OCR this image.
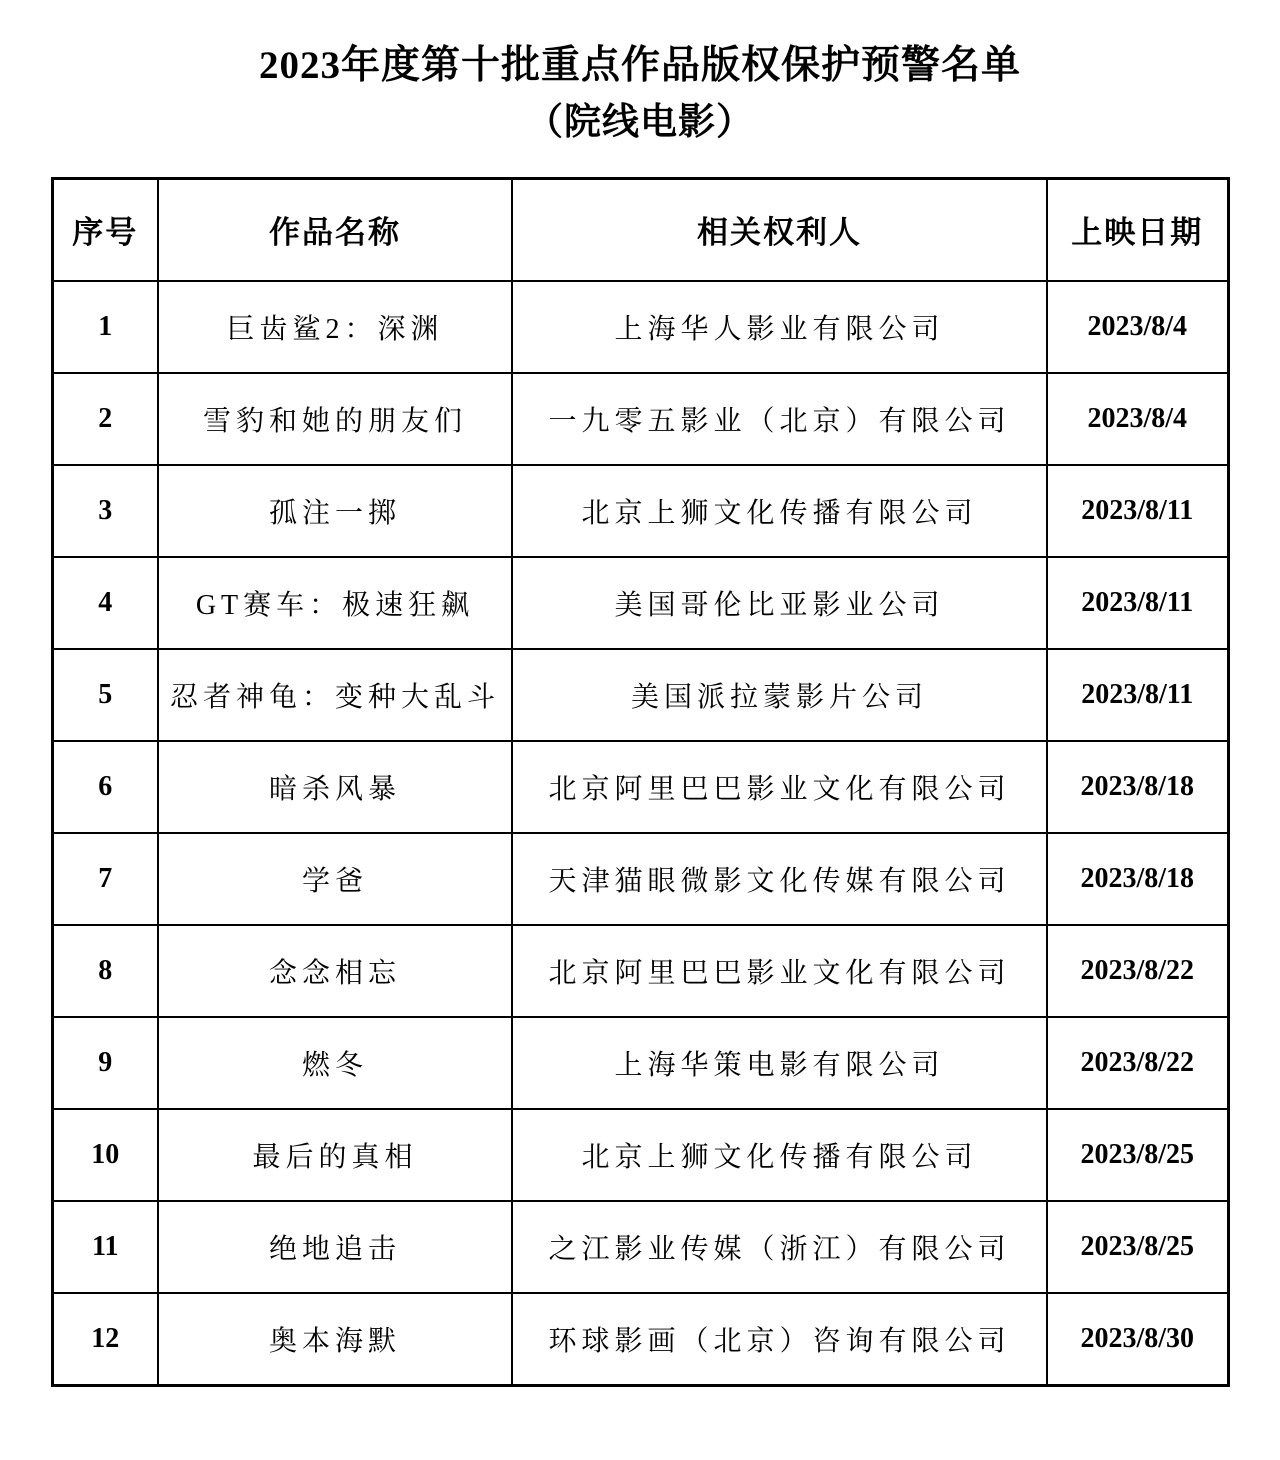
2023年度第十批重点作品版权保护预警名单
（院线电影）
序号	作品名称	相关权利人	上映日期
1	巨齿鲨2：深渊	上海华人影业有限公司	2023/8/4
2	雪豹和她的朋友们	一九零五影业（北京）有限公司	2023/8/4
3	孤注一掷	北京上狮文化传播有限公司	2023/8/11
4	GT赛车：极速狂飙	美国哥伦比亚影业公司	2023/8/11
5	忍者神龟：变种大乱斗	美国派拉蒙影片公司	2023/8/11
6	暗杀风暴	北京阿里巴巴影业文化有限公司	2023/8/18
7	学爸	天津猫眼微影文化传媒有限公司	2023/8/18
8	念念相忘	北京阿里巴巴影业文化有限公司	2023/8/22
9	燃冬	上海华策电影有限公司	2023/8/22
10	最后的真相	北京上狮文化传播有限公司	2023/8/25
11	绝地追击	之江影业传媒（浙江）有限公司	2023/8/25
12	奥本海默	环球影画（北京）咨询有限公司	2023/8/30
